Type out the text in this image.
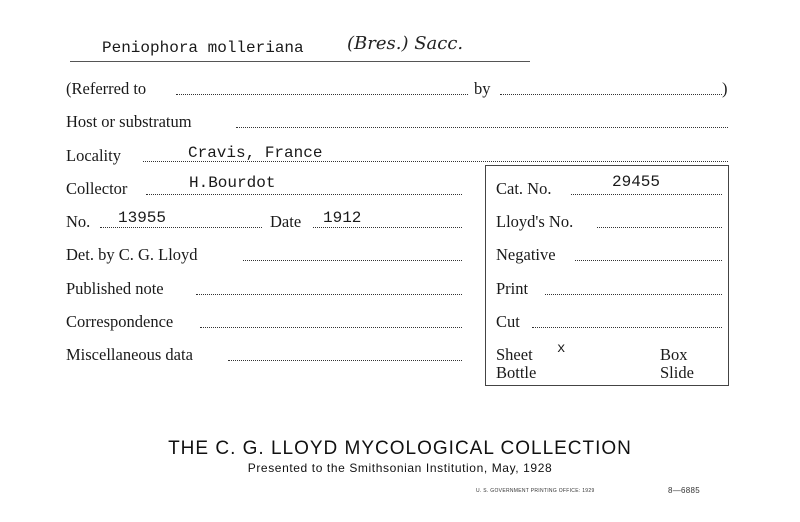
Peniophora molleriana (Bres.) Sacc.
(Referred to	by	)
Host or substratum
Locality	Cravis, France
Collector	H.Bourdot
No. 13955	Date 1912
Det. by C. G. Lloyd
Published note
Correspondence
Miscellaneous data
Cat. No.	29455
Lloyd's No.
Negative
Print
Cut
Sheet x	Box
Bottle	Slide
THE C. G. LLOYD MYCOLOGICAL COLLECTION
Presented to the Smithsonian Institution, May, 1928
U. S. GOVERNMENT PRINTING OFFICE: 1929	8—6885
